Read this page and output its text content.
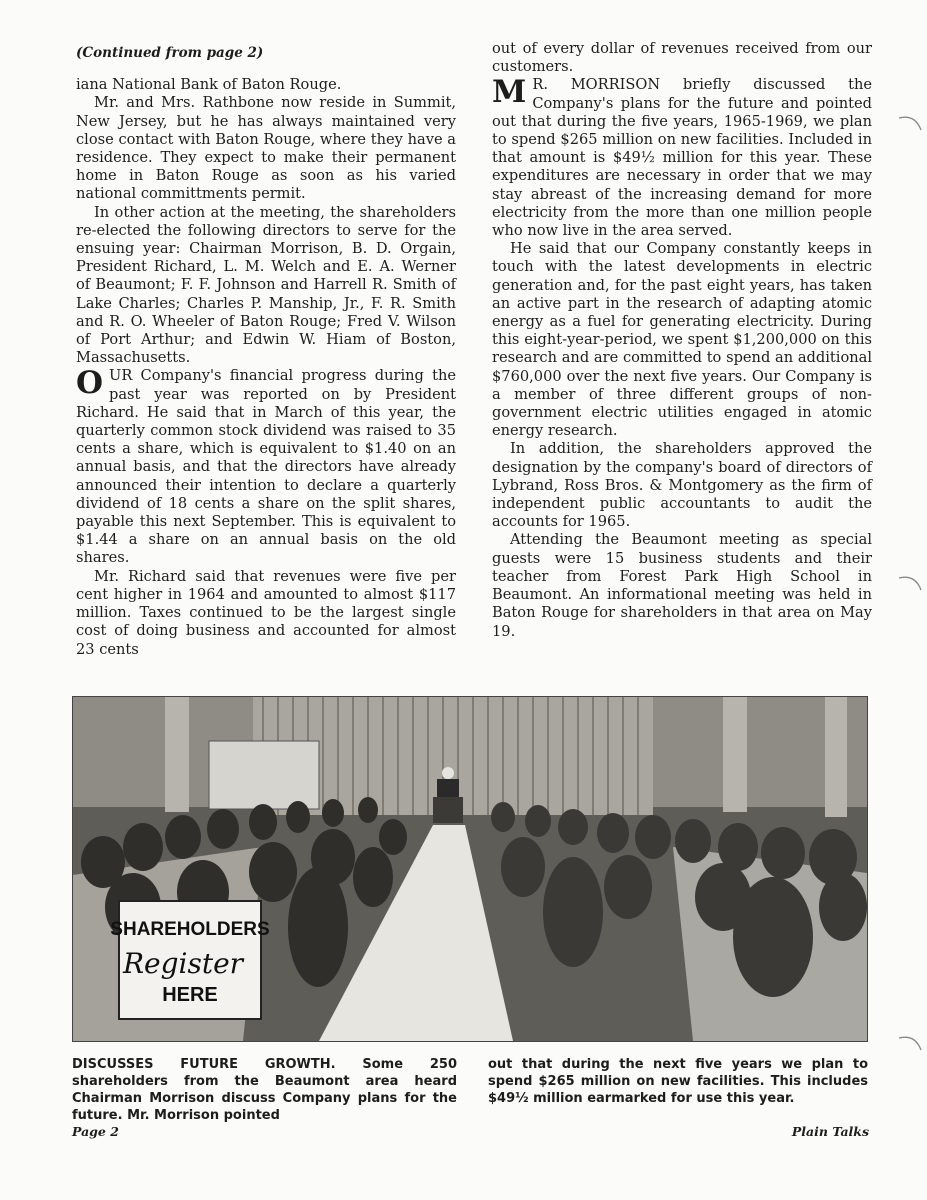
(Continued from page 2)

iana National Bank of Baton Rouge.

Mr. and Mrs. Rathbone now reside in Summit, New Jersey, but he has always maintained very close contact with Baton Rouge, where they have a residence. They expect to make their permanent home in Baton Rouge as soon as his varied national committments permit.

In other action at the meeting, the shareholders re-elected the following directors to serve for the ensuing year: Chairman Morrison, B. D. Orgain, President Richard, L. M. Welch and E. A. Werner of Beaumont; F. F. Johnson and Harrell R. Smith of Lake Charles; Charles P. Manship, Jr., F. R. Smith and R. O. Wheeler of Baton Rouge; Fred V. Wilson of Port Arthur; and Edwin W. Hiam of Boston, Massachusetts.

OUR Company's financial progress during the past year was reported on by President Richard. He said that in March of this year, the quarterly common stock dividend was raised to 35 cents a share, which is equivalent to $1.40 on an annual basis, and that the directors have already announced their intention to declare a quarterly dividend of 18 cents a share on the split shares, payable this next September. This is equivalent to $1.44 a share on an annual basis on the old shares.

Mr. Richard said that revenues were five per cent higher in 1964 and amounted to almost $117 million. Taxes continued to be the largest single cost of doing business and accounted for almost 23 cents

out of every dollar of revenues received from our customers.

M R. MORRISON briefly discussed the Company's plans for the future and pointed out that during the five years, 1965-1969, we plan to spend $265 million on new facilities. Included in that amount is $49½ million for this year. These expenditures are necessary in order that we may stay abreast of the increasing demand for more electricity from the more than one million people who now live in the area served.

He said that our Company constantly keeps in touch with the latest developments in electric generation and, for the past eight years, has taken an active part in the research of adapting atomic energy as a fuel for generating electricity. During this eight-year-period, we spent $1,200,000 on this research and are committed to spend an additional $760,000 over the next five years. Our Company is a member of three different groups of non-government electric utilities engaged in atomic energy research.

In addition, the shareholders approved the designation by the company's board of directors of Lybrand, Ross Bros. & Montgomery as the firm of independent public accountants to audit the accounts for 1965.

Attending the Beaumont meeting as special guests were 15 business students and their teacher from Forest Park High School in Beaumont. An informational meeting was held in Baton Rouge for shareholders in that area on May 19.

SHAREHOLDERS
Register
HERE
DISCUSSES FUTURE GROWTH. Some 250 shareholders from the Beaumont area heard Chairman Morrison discuss Company plans for the future. Mr. Morrison pointed
out that during the next five years we plan to spend $265 million on new facilities. This includes $49½ million earmarked for use this year.
Page 2	Plain Talks
